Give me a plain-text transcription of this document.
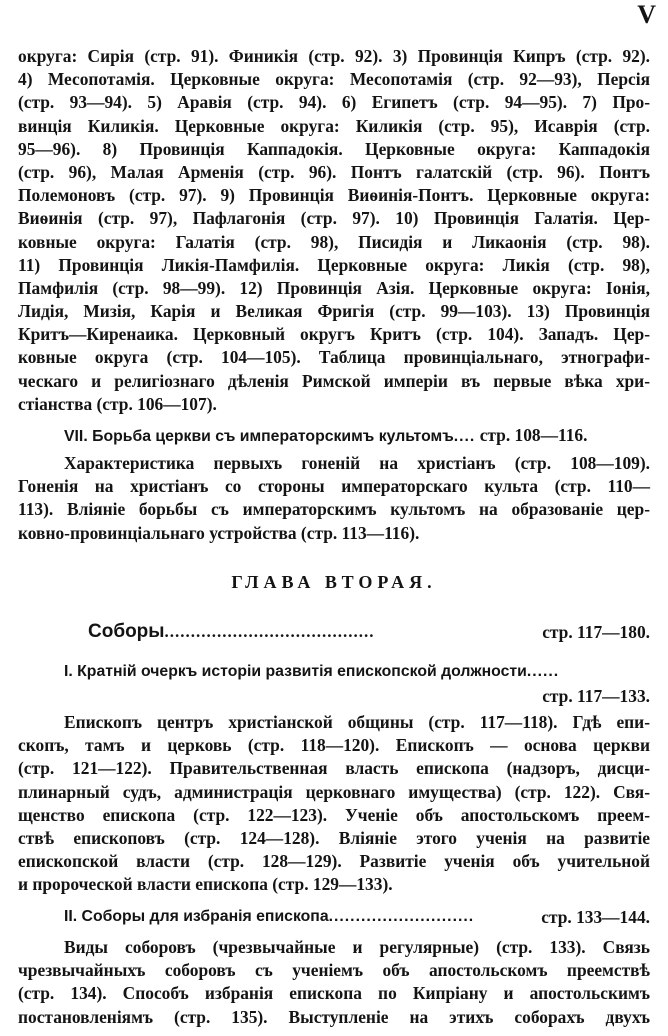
V
округа: Сирія (стр. 91). Финикія (стр. 92). 3) Провинція Кипръ (стр. 92).
4) Месопотамія. Церковные округа: Месопотамія (стр. 92—93), Персія
(стр. 93—94). 5) Аравія (стр. 94). 6) Египетъ (стр. 94—95). 7) Про-
винція Киликія. Церковные округа: Киликія (стр. 95), Исаврія (стр.
95—96). 8) Провинція Каппадокія. Церковные округа: Каппадокія
(стр. 96), Малая Арменія (стр. 96). Понтъ галатскій (стр. 96). Понтъ
Полемоновъ (стр. 97). 9) Провинція Виѳинія-Понтъ. Церковные округа:
Виѳинія (стр. 97), Пафлагонія (стр. 97). 10) Провинція Галатія. Цер-
ковные округа: Галатія (стр. 98), Писидія и Ликаонія (стр. 98).
11) Провинція Ликія-Памфилія. Церковные округа: Ликія (стр. 98),
Памфилія (стр. 98—99). 12) Провинція Азія. Церковные округа: Іонія,
Лидія, Мизія, Карія и Великая Фригія (стр. 99—103). 13) Провинція
Критъ—Киренаика. Церковный округъ Критъ (стр. 104). Западъ. Цер-
ковные округа (стр. 104—105). Таблица провинціальнаго, этнографи-
ческаго и религіознаго дѣленія Римской имперіи въ первые вѣка хри-
стіанства (стр. 106—107).
VII. Борьба церкви съ императорскимъ культомъ.... стр. 108—116.
Характеристика первыхъ гоненій на христіанъ (стр. 108—109).
Гоненія на христіанъ со стороны императорскаго культа (стр. 110—
113). Вліяніе борьбы съ императорскимъ культомъ на образованіе цер-
ковно-провинціальнаго устройства (стр. 113—116).
ГЛАВА ВТОРАЯ.
Соборы........................................	стр. 117—180.
I. Кратній очеркъ исторіи развитія епископской должности......
стр. 117—133.
Епископъ центръ христіанской общины (стр. 117—118). Гдѣ епи-
скопъ, тамъ и церковь (стр. 118—120). Епископъ — основа церкви
(стр. 121—122). Правительственная власть епископа (надзоръ, дисци-
плинарный судъ, администрація церковнаго имущества) (стр. 122). Свя-
щенство епископа (стр. 122—123). Ученіе объ апостольскомъ преем-
ствѣ епископовъ (стр. 124—128). Вліяніе этого ученія на развитіе
епископской власти (стр. 128—129). Развитіе ученія объ учительной
и пророческой власти епископа (стр. 129—133).
II. Соборы для избранія епископа...........................	стр. 133—144.
Виды соборовъ (чрезвычайные и регулярные) (стр. 133). Связь
чрезвычайныхъ соборовъ съ ученіемъ объ апостольскомъ преемствѣ
(стр. 134). Способъ избранія епископа по Кипріану и апостольскимъ
постановленіямъ (стр. 135). Выступленіе на этихъ соборахъ двухъ
